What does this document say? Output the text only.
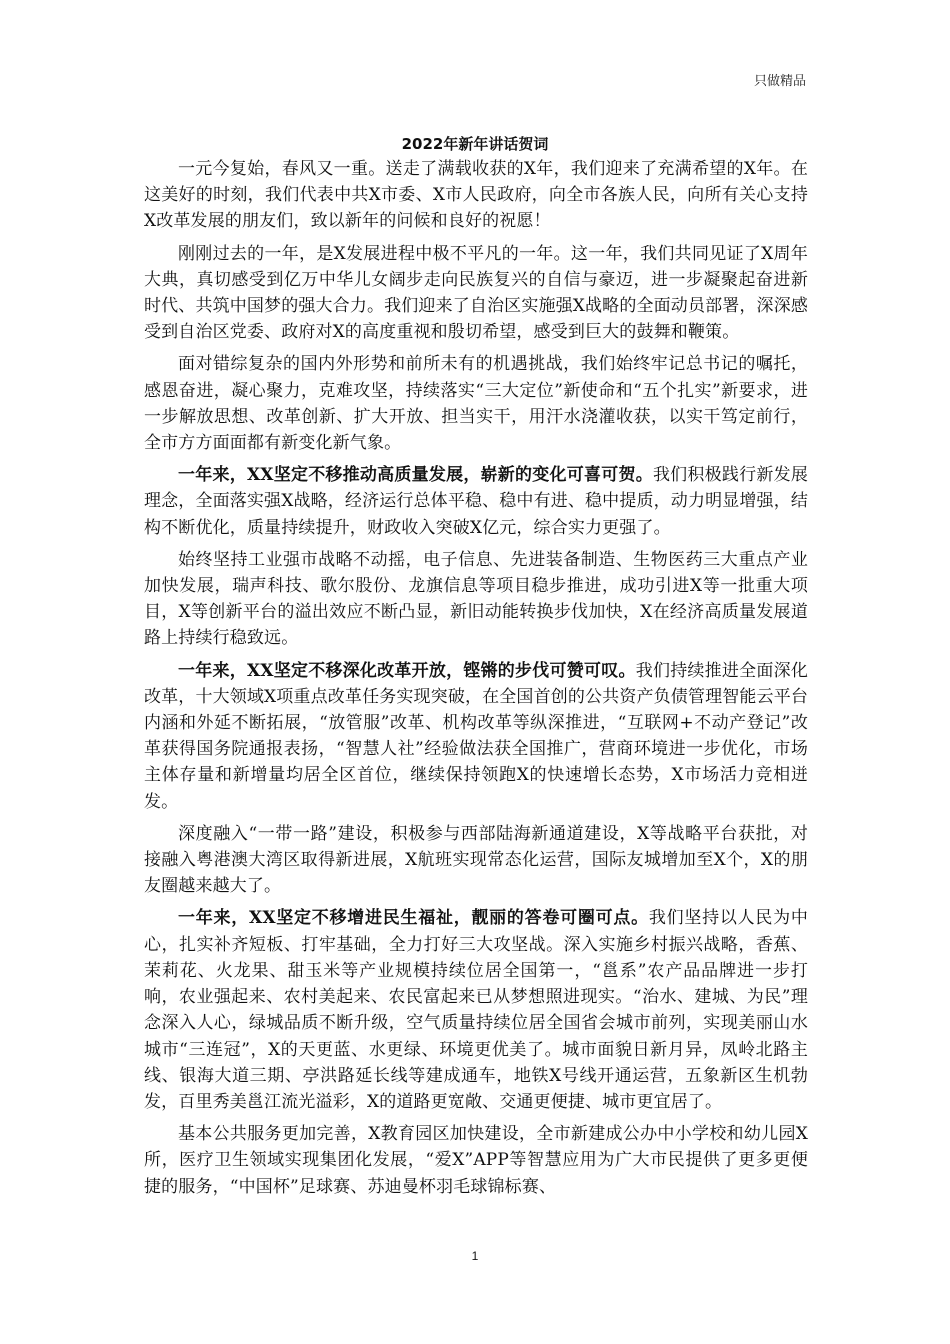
只做精品
2022年新年讲话贺词

一元今复始，春风又一重。送走了满载收获的X年，我们迎来了充满希望的X年。在这美好的时刻，我们代表中共X市委、X市人民政府，向全市各族人民，向所有关心支持X改革发展的朋友们，致以新年的问候和良好的祝愿！

刚刚过去的一年，是X发展进程中极不平凡的一年。这一年，我们共同见证了X周年大典，真切感受到亿万中华儿女阔步走向民族复兴的自信与豪迈，进一步凝聚起奋进新时代、共筑中国梦的强大合力。我们迎来了自治区实施强X战略的全面动员部署，深深感受到自治区党委、政府对X的高度重视和殷切希望，感受到巨大的鼓舞和鞭策。

面对错综复杂的国内外形势和前所未有的机遇挑战，我们始终牢记总书记的嘱托，感恩奋进，凝心聚力，克难攻坚，持续落实“三大定位”新使命和“五个扎实”新要求，进一步解放思想、改革创新、扩大开放、担当实干，用汗水浇灌收获，以实干笃定前行，全市方方面面都有新变化新气象。

一年来，XX坚定不移推动高质量发展，崭新的变化可喜可贺。我们积极践行新发展理念，全面落实强X战略，经济运行总体平稳、稳中有进、稳中提质，动力明显增强，结构不断优化，质量持续提升，财政收入突破X亿元，综合实力更强了。

始终坚持工业强市战略不动摇，电子信息、先进装备制造、生物医药三大重点产业加快发展，瑞声科技、歌尔股份、龙旗信息等项目稳步推进，成功引进X等一批重大项目，X等创新平台的溢出效应不断凸显，新旧动能转换步伐加快，X在经济高质量发展道路上持续行稳致远。

一年来，XX坚定不移深化改革开放，铿锵的步伐可赞可叹。我们持续推进全面深化改革，十大领域X项重点改革任务实现突破，在全国首创的公共资产负债管理智能云平台内涵和外延不断拓展，“放管服”改革、机构改革等纵深推进，“互联网+不动产登记”改革获得国务院通报表扬，“智慧人社”经验做法获全国推广，营商环境进一步优化，市场主体存量和新增量均居全区首位，继续保持领跑X的快速增长态势，X市场活力竞相迸发。

深度融入“一带一路”建设，积极参与西部陆海新通道建设，X等战略平台获批，对接融入粤港澳大湾区取得新进展，X航班实现常态化运营，国际友城增加至X个，X的朋友圈越来越大了。

一年来，XX坚定不移增进民生福祉，靓丽的答卷可圈可点。我们坚持以人民为中心，扎实补齐短板、打牢基础，全力打好三大攻坚战。深入实施乡村振兴战略，香蕉、茉莉花、火龙果、甜玉米等产业规模持续位居全国第一，“邕系”农产品品牌进一步打响，农业强起来、农村美起来、农民富起来已从梦想照进现实。“治水、建城、为民”理念深入人心，绿城品质不断升级，空气质量持续位居全国省会城市前列，实现美丽山水城市“三连冠”，X的天更蓝、水更绿、环境更优美了。城市面貌日新月异，凤岭北路主线、银海大道三期、亭洪路延长线等建成通车，地铁X号线开通运营，五象新区生机勃发，百里秀美邕江流光溢彩，X的道路更宽敞、交通更便捷、城市更宜居了。

基本公共服务更加完善，X教育园区加快建设，全市新建成公办中小学校和幼儿园X所，医疗卫生领域实现集团化发展，“爱X”APP等智慧应用为广大市民提供了更多更便捷的服务，“中国杯”足球赛、苏迪曼杯羽毛球锦标赛、

1
